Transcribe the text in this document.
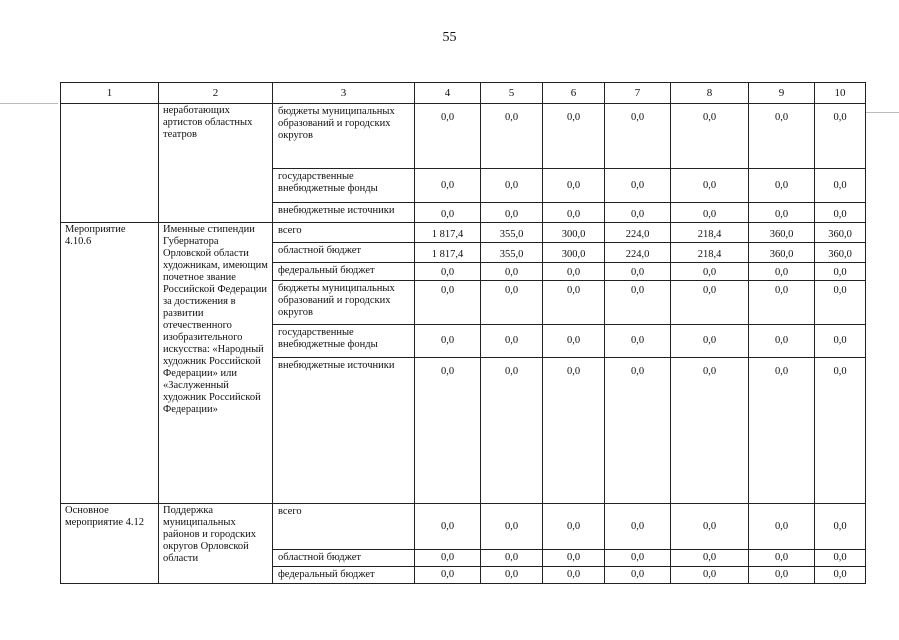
55
1	2	3	4	5	6	7	8	9	10
	неработающих артистов областных театров	бюджеты муниципальных образований и городских округов	0,0	0,0	0,0	0,0	0,0	0,0	0,0
		государственные внебюджетные фонды	0,0	0,0	0,0	0,0	0,0	0,0	0,0
		внебюджетные источники	0,0	0,0	0,0	0,0	0,0	0,0	0,0
Мероприятие 4.10.6	Именные стипендии Губернатора Орловской области художникам, имеющим почетное звание Российской Федерации за достижения в развитии отечественного изобразительного искусства: «Народный художник Российской Федерации» или «Заслуженный художник Российской Федерации»	всего	1 817,4	355,0	300,0	224,0	218,4	360,0	360,0
		областной бюджет	1 817,4	355,0	300,0	224,0	218,4	360,0	360,0
		федеральный бюджет	0,0	0,0	0,0	0,0	0,0	0,0	0,0
		бюджеты муниципальных образований и городских округов	0,0	0,0	0,0	0,0	0,0	0,0	0,0
		государственные внебюджетные фонды	0,0	0,0	0,0	0,0	0,0	0,0	0,0
		внебюджетные источники	0,0	0,0	0,0	0,0	0,0	0,0	0,0
Основное мероприятие 4.12	Поддержка муниципальных районов и городских округов Орловской области	всего	0,0	0,0	0,0	0,0	0,0	0,0	0,0
		областной бюджет	0,0	0,0	0,0	0,0	0,0	0,0	0,0
		федеральный бюджет	0,0	0,0	0,0	0,0	0,0	0,0	0,0
